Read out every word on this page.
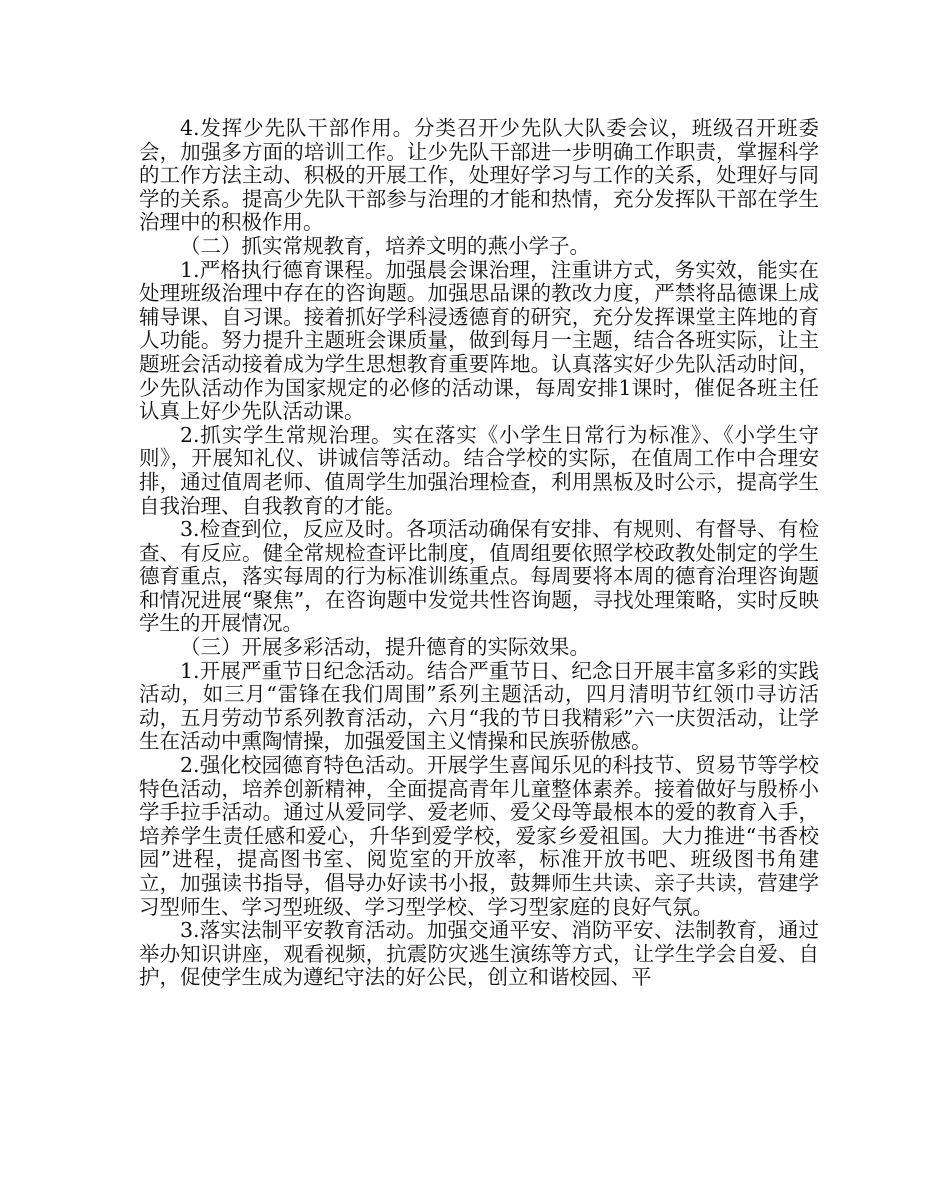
4.发挥少先队干部作用。分类召开少先队大队委会议，班级召开班委会，加强多方面的培训工作。让少先队干部进一步明确工作职责，掌握科学的工作方法主动、积极的开展工作，处理好学习与工作的关系，处理好与同学的关系。提高少先队干部参与治理的才能和热情，充分发挥队干部在学生治理中的积极作用。

（二）抓实常规教育，培养文明的燕小学子。

1.严格执行德育课程。加强晨会课治理，注重讲方式，务实效，能实在处理班级治理中存在的咨询题。加强思品课的教改力度，严禁将品德课上成辅导课、自习课。接着抓好学科浸透德育的研究，充分发挥课堂主阵地的育人功能。努力提升主题班会课质量，做到每月一主题，结合各班实际，让主题班会活动接着成为学生思想教育重要阵地。认真落实好少先队活动时间，少先队活动作为国家规定的必修的活动课，每周安排1课时，催促各班主任认真上好少先队活动课。

2.抓实学生常规治理。实在落实《小学生日常行为标准》、《小学生守则》，开展知礼仪、讲诚信等活动。结合学校的实际，在值周工作中合理安排，通过值周老师、值周学生加强治理检查，利用黑板及时公示，提高学生自我治理、自我教育的才能。

3.检查到位，反应及时。各项活动确保有安排、有规则、有督导、有检查、有反应。健全常规检查评比制度，值周组要依照学校政教处制定的学生德育重点，落实每周的行为标准训练重点。每周要将本周的德育治理咨询题和情况进展“聚焦”，在咨询题中发觉共性咨询题，寻找处理策略，实时反映学生的开展情况。

（三）开展多彩活动，提升德育的实际效果。

1.开展严重节日纪念活动。结合严重节日、纪念日开展丰富多彩的实践活动，如三月“雷锋在我们周围”系列主题活动，四月清明节红领巾寻访活动，五月劳动节系列教育活动，六月“我的节日我精彩”六一庆贺活动，让学生在活动中熏陶情操，加强爱国主义情操和民族骄傲感。

2.强化校园德育特色活动。开展学生喜闻乐见的科技节、贸易节等学校特色活动，培养创新精神，全面提高青年儿童整体素养。接着做好与殷桥小学手拉手活动。通过从爱同学、爱老师、爱父母等最根本的爱的教育入手，培养学生责任感和爱心，升华到爱学校，爱家乡爱祖国。大力推进“书香校园”进程，提高图书室、阅览室的开放率，标准开放书吧、班级图书角建立，加强读书指导，倡导办好读书小报，鼓舞师生共读、亲子共读，营建学习型师生、学习型班级、学习型学校、学习型家庭的良好气氛。

3.落实法制平安教育活动。加强交通平安、消防平安、法制教育，通过举办知识讲座，观看视频，抗震防灾逃生演练等方式，让学生学会自爱、自护，促使学生成为遵纪守法的好公民，创立和谐校园、平
